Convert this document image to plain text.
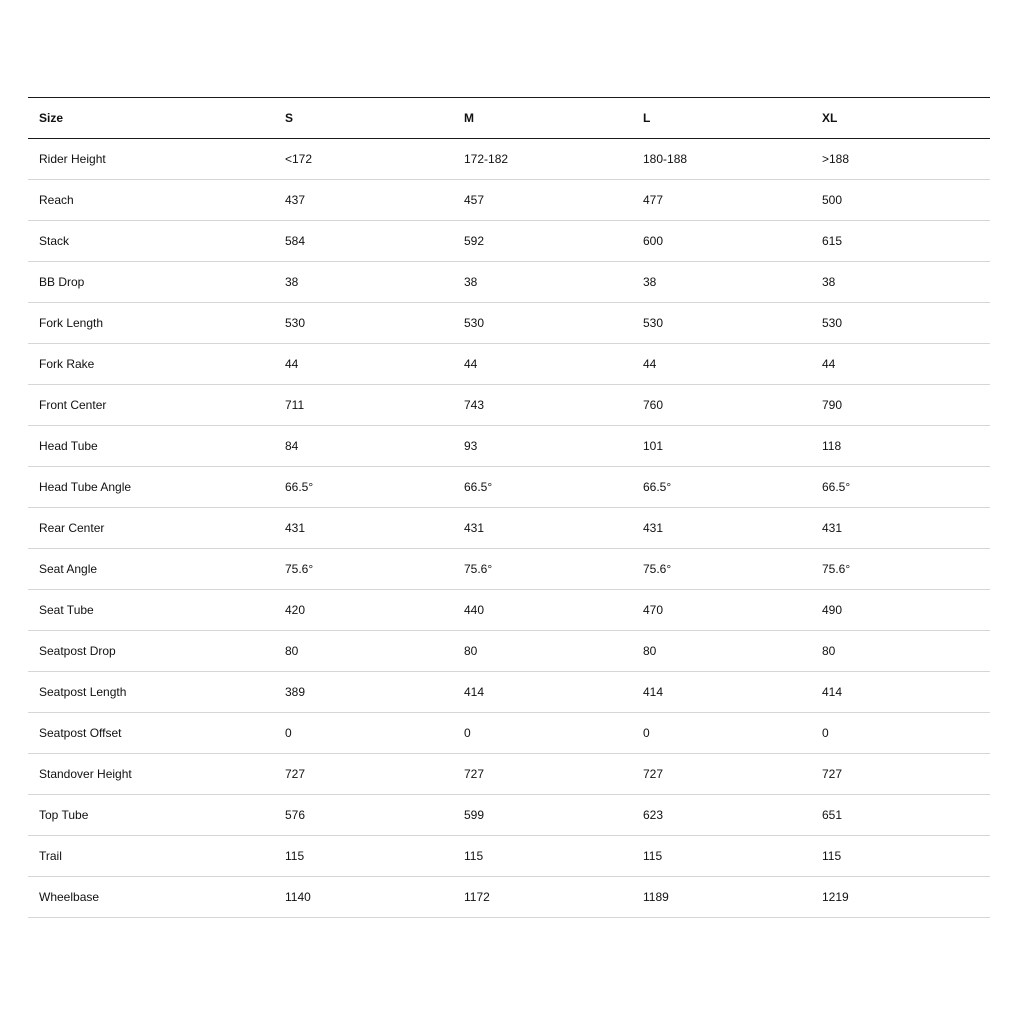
Size	S	M	L	XL
Rider Height	<172	172-182	180-188	>188
Reach	437	457	477	500
Stack	584	592	600	615
BB Drop	38	38	38	38
Fork Length	530	530	530	530
Fork Rake	44	44	44	44
Front Center	711	743	760	790
Head Tube	84	93	101	118
Head Tube Angle	66.5°	66.5°	66.5°	66.5°
Rear Center	431	431	431	431
Seat Angle	75.6°	75.6°	75.6°	75.6°
Seat Tube	420	440	470	490
Seatpost Drop	80	80	80	80
Seatpost Length	389	414	414	414
Seatpost Offset	0	0	0	0
Standover Height	727	727	727	727
Top Tube	576	599	623	651
Trail	115	115	115	115
Wheelbase	1140	1172	1189	1219
